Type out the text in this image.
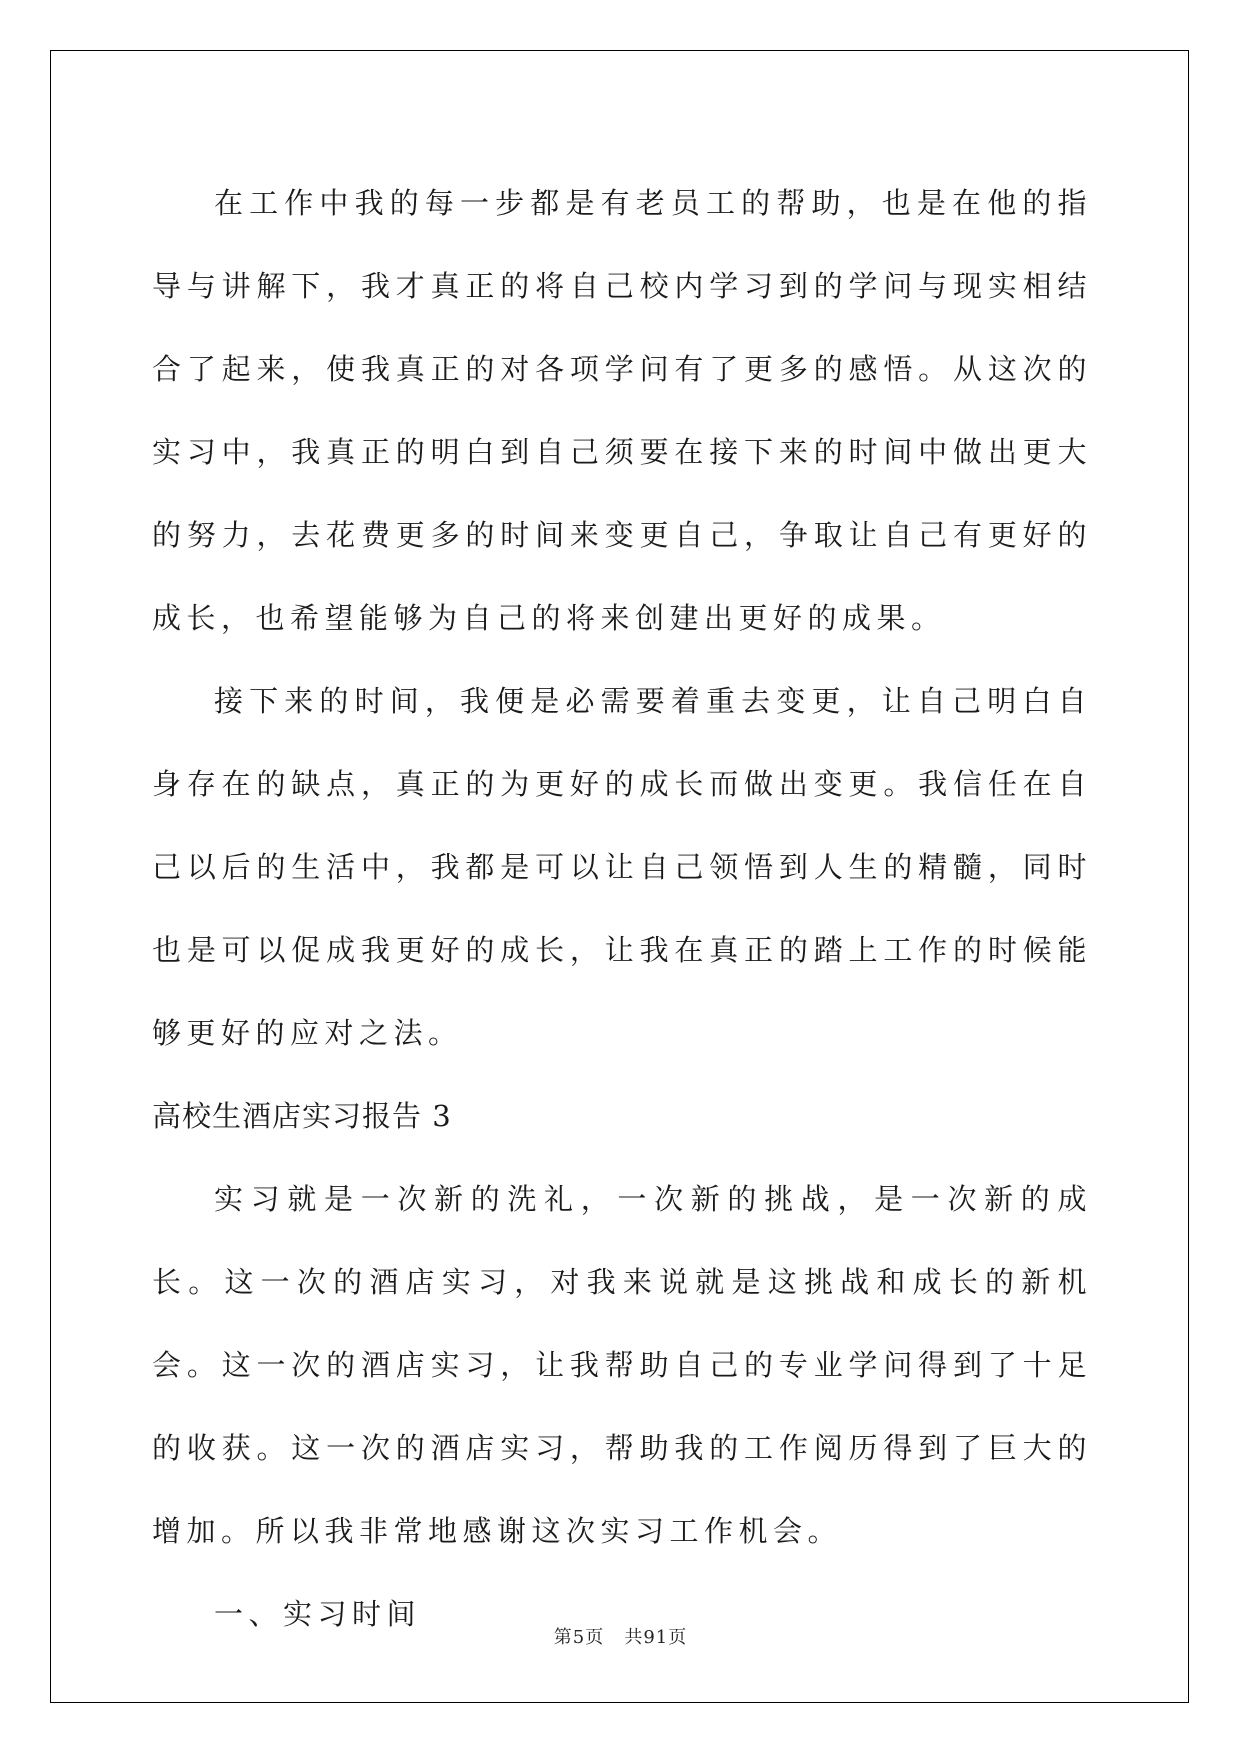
在工作中我的每一步都是有老员工的帮助，也是在他的指导与讲解下，我才真正的将自己校内学习到的学问与现实相结合了起来，使我真正的对各项学问有了更多的感悟。从这次的实习中，我真正的明白到自己须要在接下来的时间中做出更大的努力，去花费更多的时间来变更自己，争取让自己有更好的成长，也希望能够为自己的将来创建出更好的成果。

接下来的时间，我便是必需要着重去变更，让自己明白自身存在的缺点，真正的为更好的成长而做出变更。我信任在自己以后的生活中，我都是可以让自己领悟到人生的精髓，同时也是可以促成我更好的成长，让我在真正的踏上工作的时候能够更好的应对之法。

高校生酒店实习报告 3

实习就是一次新的洗礼，一次新的挑战，是一次新的成长。这一次的酒店实习，对我来说就是这挑战和成长的新机会。这一次的酒店实习，让我帮助自己的专业学问得到了十足的收获。这一次的酒店实习，帮助我的工作阅历得到了巨大的增加。所以我非常地感谢这次实习工作机会。

一、实习时间

第5页 共91页
